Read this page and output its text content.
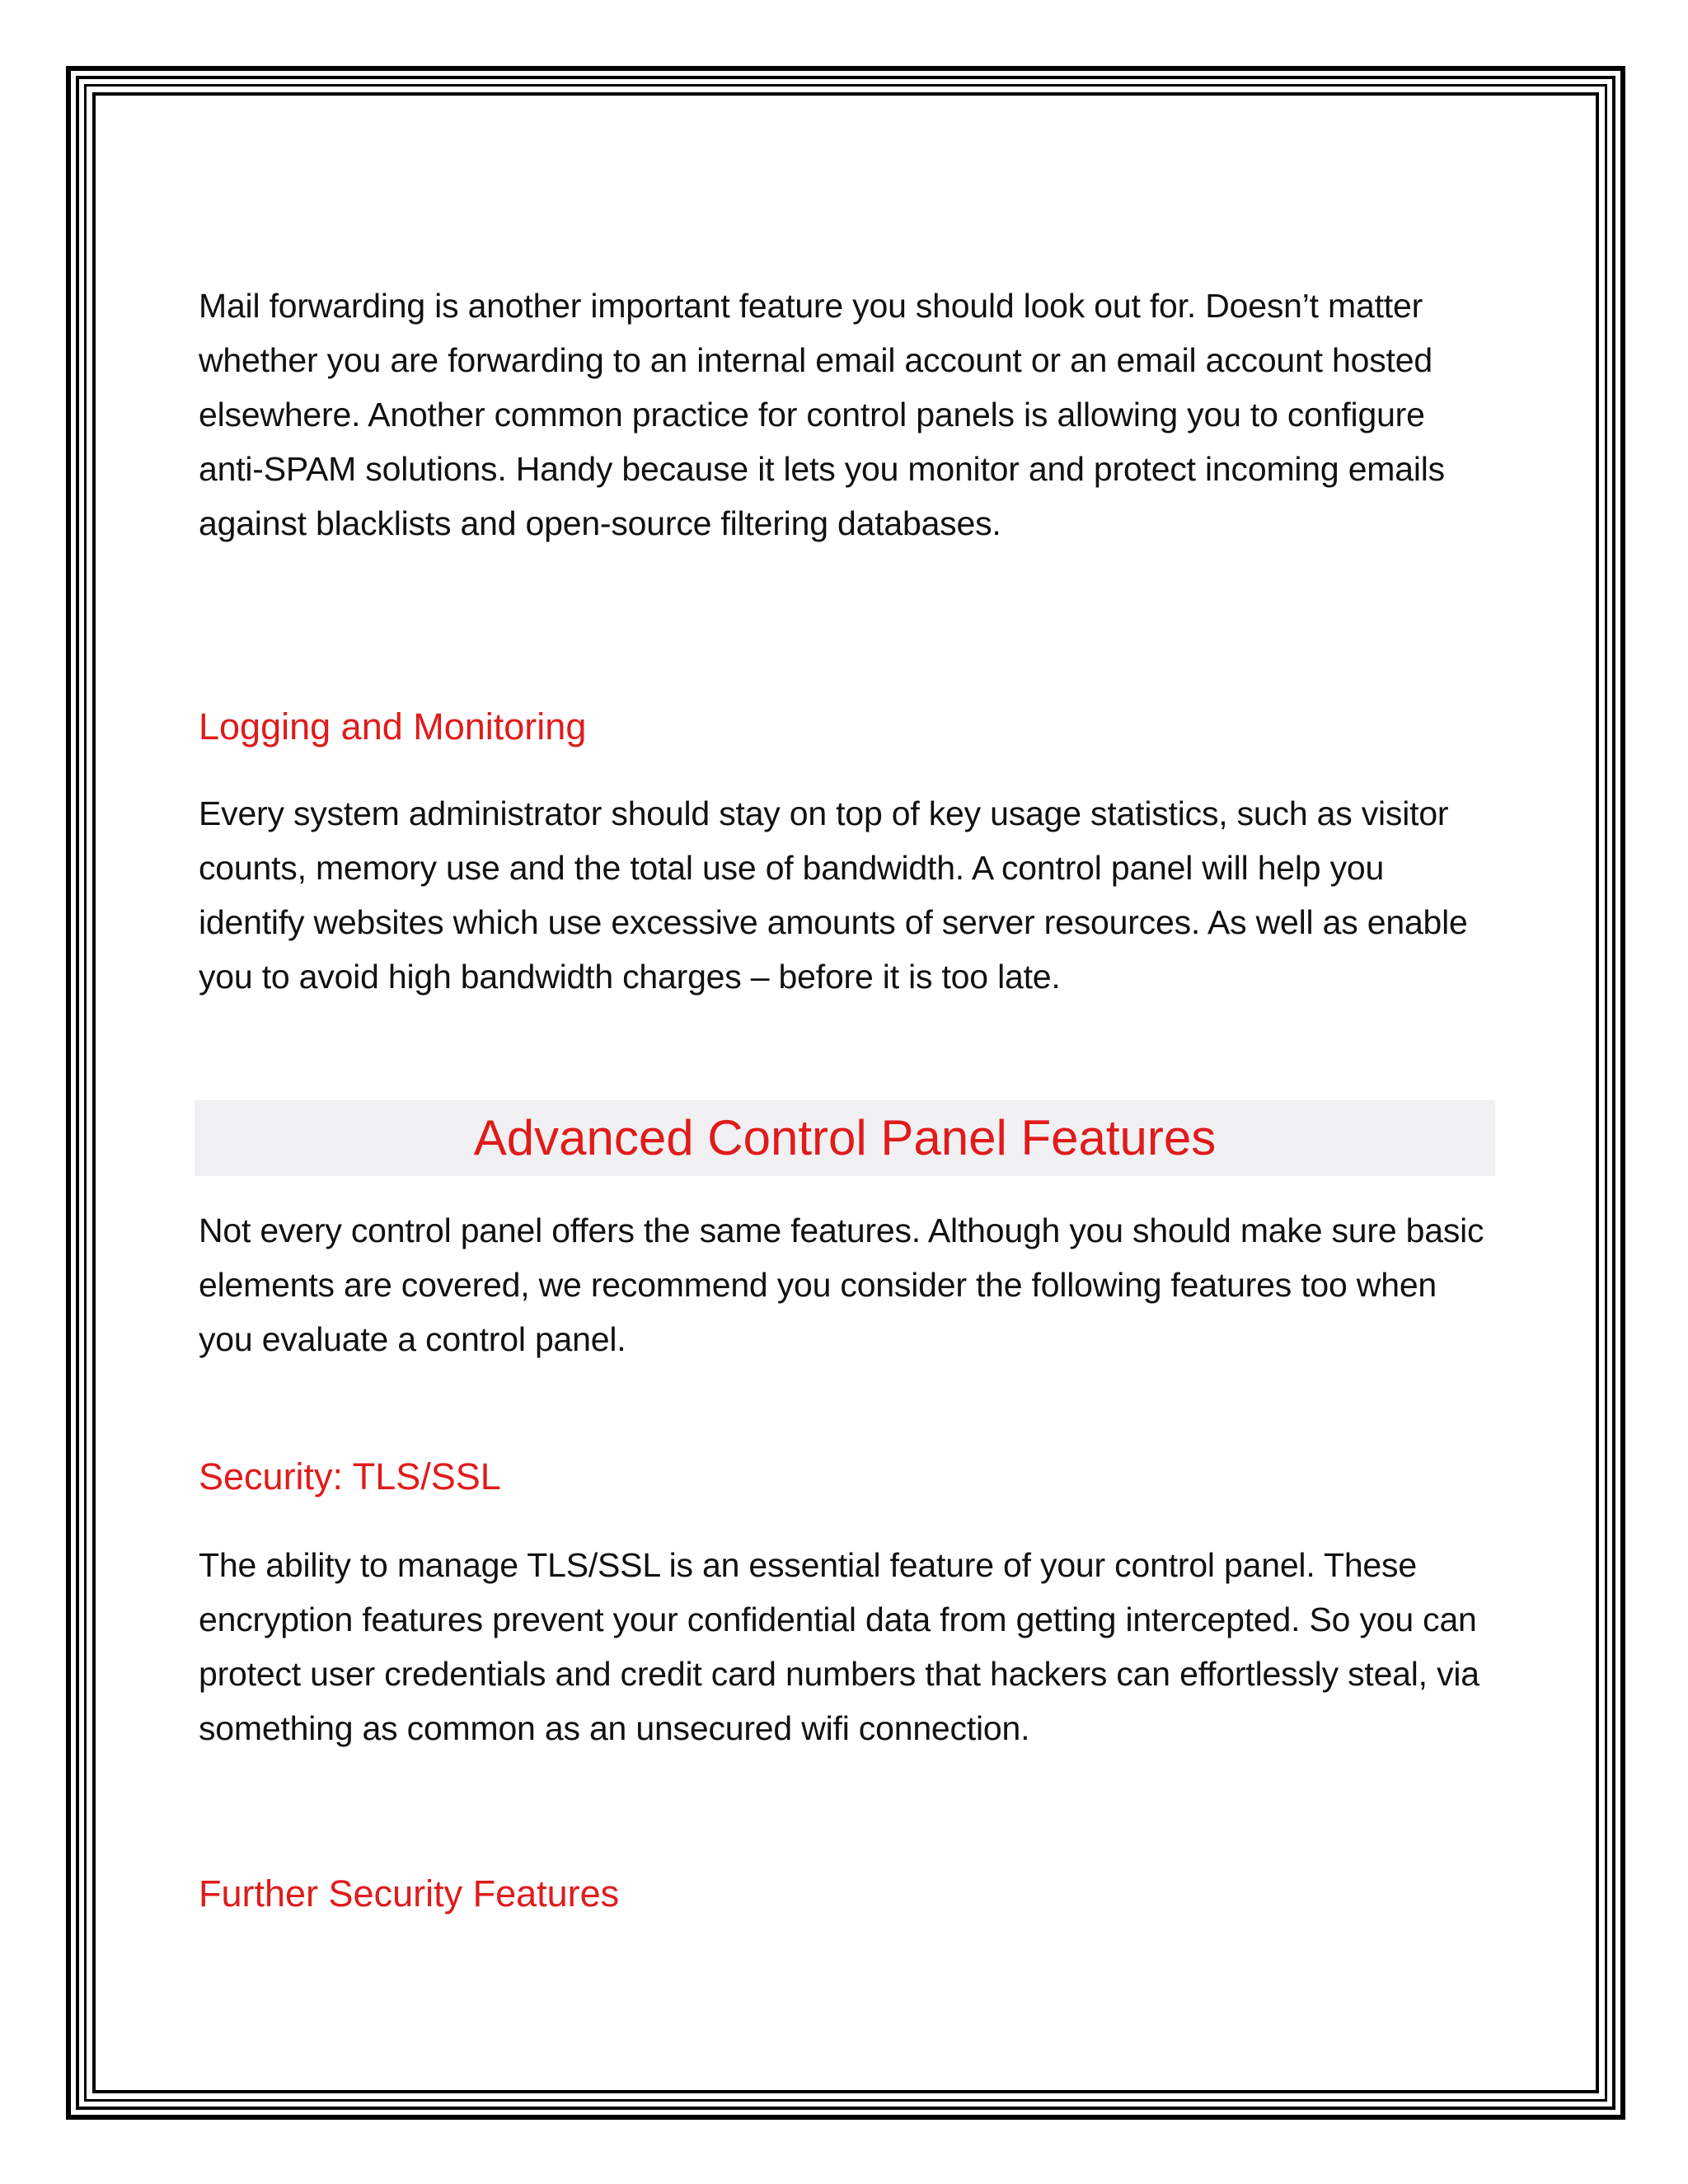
Mail forwarding is another important feature you should look out for. Doesn’t matter whether you are forwarding to an internal email account or an email account hosted elsewhere. Another common practice for control panels is allowing you to configure anti-SPAM solutions. Handy because it lets you monitor and protect incoming emails against blacklists and open-source filtering databases.

Logging and Monitoring

Every system administrator should stay on top of key usage statistics, such as visitor counts, memory use and the total use of bandwidth. A control panel will help you identify websites which use excessive amounts of server resources. As well as enable you to avoid high bandwidth charges – before it is too late.

Not every control panel offers the same features. Although you should make sure basic elements are covered, we recommend you consider the following features too when you evaluate a control panel.

Security: TLS/SSL

The ability to manage TLS/SSL is an essential feature of your control panel. These encryption features prevent your confidential data from getting intercepted. So you can protect user credentials and credit card numbers that hackers can effortlessly steal, via something as common as an unsecured wifi connection.

Further Security Features
Advanced Control Panel Features
